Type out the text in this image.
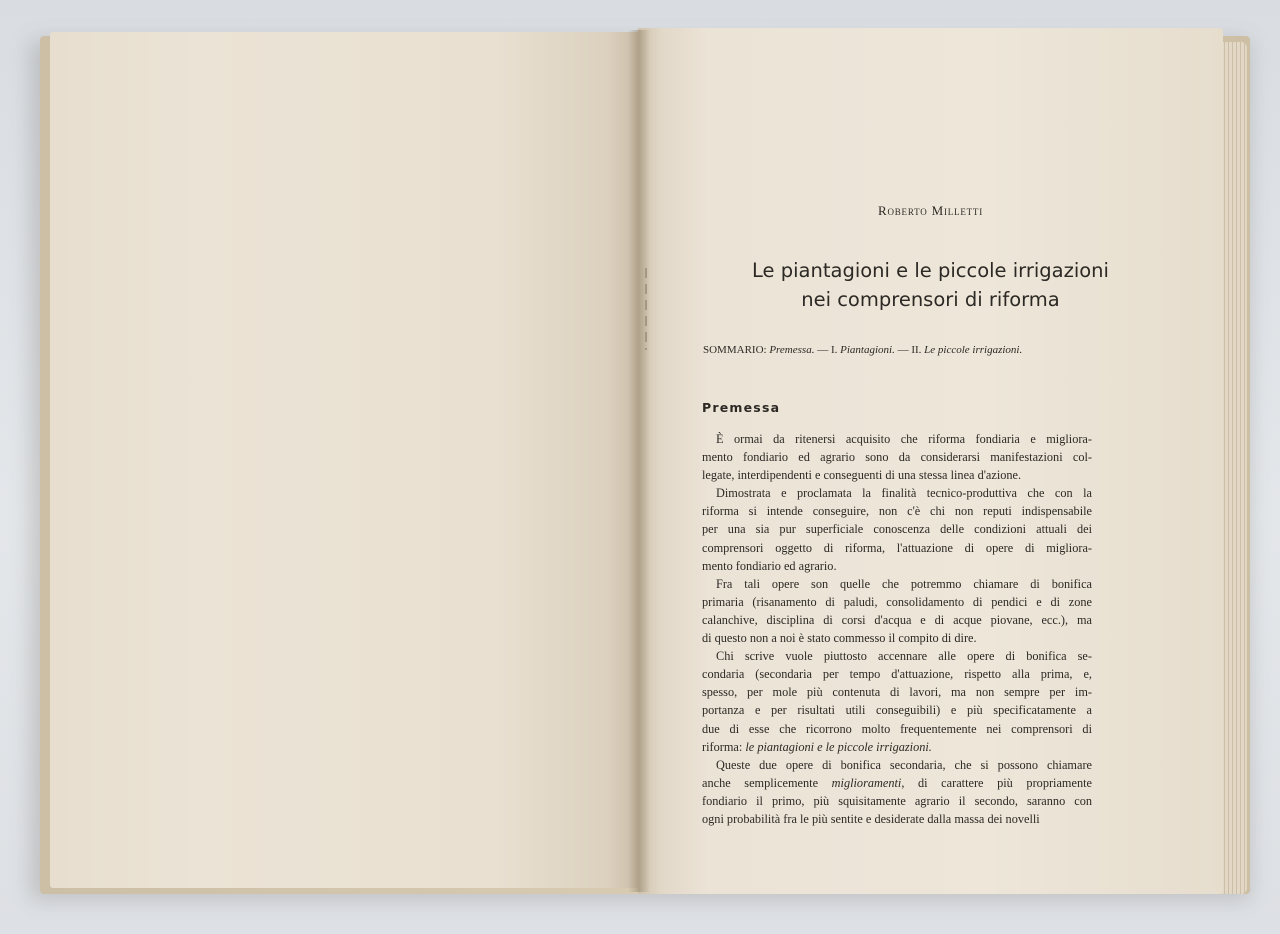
Roberto Milletti
Le piantagioni e le piccole irrigazioni
nei comprensori di riforma
SOMMARIO: Premessa. — I. Piantagioni. — II. Le piccole irrigazioni.
Premessa
È ormai da ritenersi acquisito che riforma fondiaria e migliora-
mento fondiario ed agrario sono da considerarsi manifestazioni col-
legate, interdipendenti e conseguenti di una stessa linea d'azione.
Dimostrata e proclamata la finalità tecnico-produttiva che con la
riforma si intende conseguire, non c'è chi non reputi indispensabile
per una sia pur superficiale conoscenza delle condizioni attuali dei
comprensori oggetto di riforma, l'attuazione di opere di migliora-
mento fondiario ed agrario.
Fra tali opere son quelle che potremmo chiamare di bonifica
primaria (risanamento di paludi, consolidamento di pendici e di zone
calanchive, disciplina di corsi d'acqua e di acque piovane, ecc.), ma
di questo non a noi è stato commesso il compito di dire.
Chi scrive vuole piuttosto accennare alle opere di bonifica se-
condaria (secondaria per tempo d'attuazione, rispetto alla prima, e,
spesso, per mole più contenuta di lavori, ma non sempre per im-
portanza e per risultati utili conseguibili) e più specificatamente a
due di esse che ricorrono molto frequentemente nei comprensori di
riforma: le piantagioni e le piccole irrigazioni.
Queste due opere di bonifica secondaria, che si possono chiamare
anche semplicemente miglioramenti, di carattere più propriamente
fondiario il primo, più squisitamente agrario il secondo, saranno con
ogni probabilità fra le più sentite e desiderate dalla massa dei novelli
